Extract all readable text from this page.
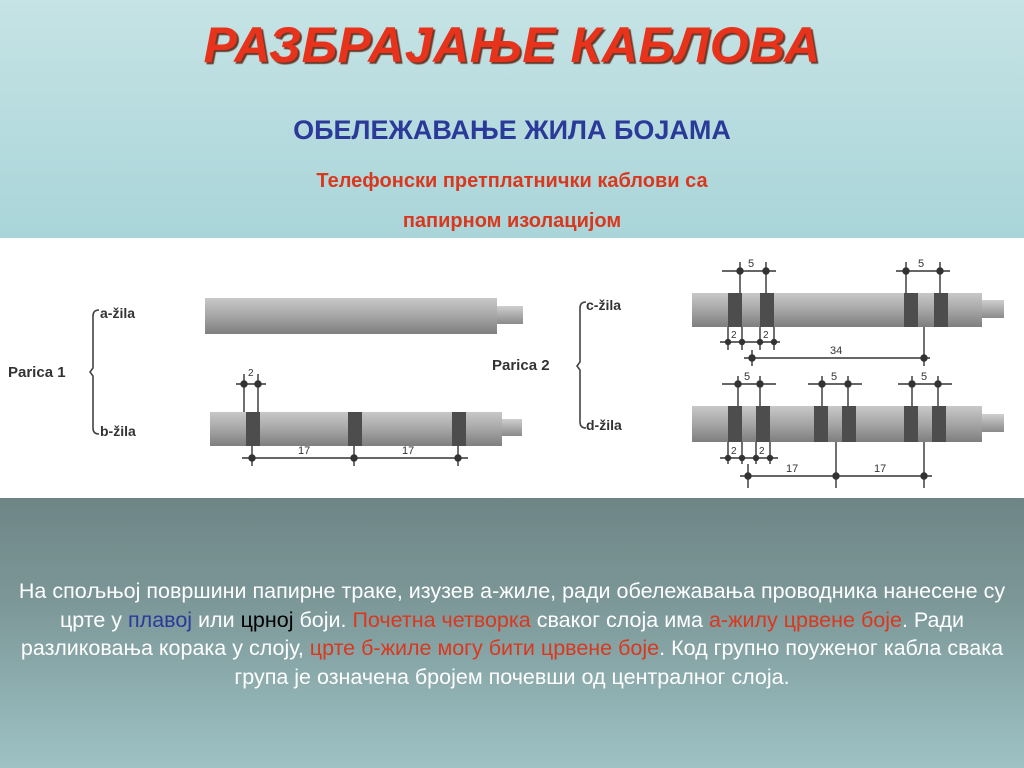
РАЗБРАЈАЊЕ КАБЛОВА
ОБЕЛЕЖАВАЊЕ ЖИЛА БОЈАМА
Телефонски претплатнички каблови са
папирном изолацијом
Parica 1
a-žila
b-žila
2
17	17
Parica 2
c-žila
d-žila
5	5
2	2
34
5	5	5
2 2
17	17
На спољњој површини папирне траке, изузев а-жиле, ради обележавања проводника нанесене су црте у плавој или црној боји. Почетна четворка сваког слоја има а-жилу црвене боје. Ради разликовања корака у слоју, црте б-жиле могу бити црвене боје. Код групно поуженог кабла свака група је означена бројем почевши од централног слоја.
